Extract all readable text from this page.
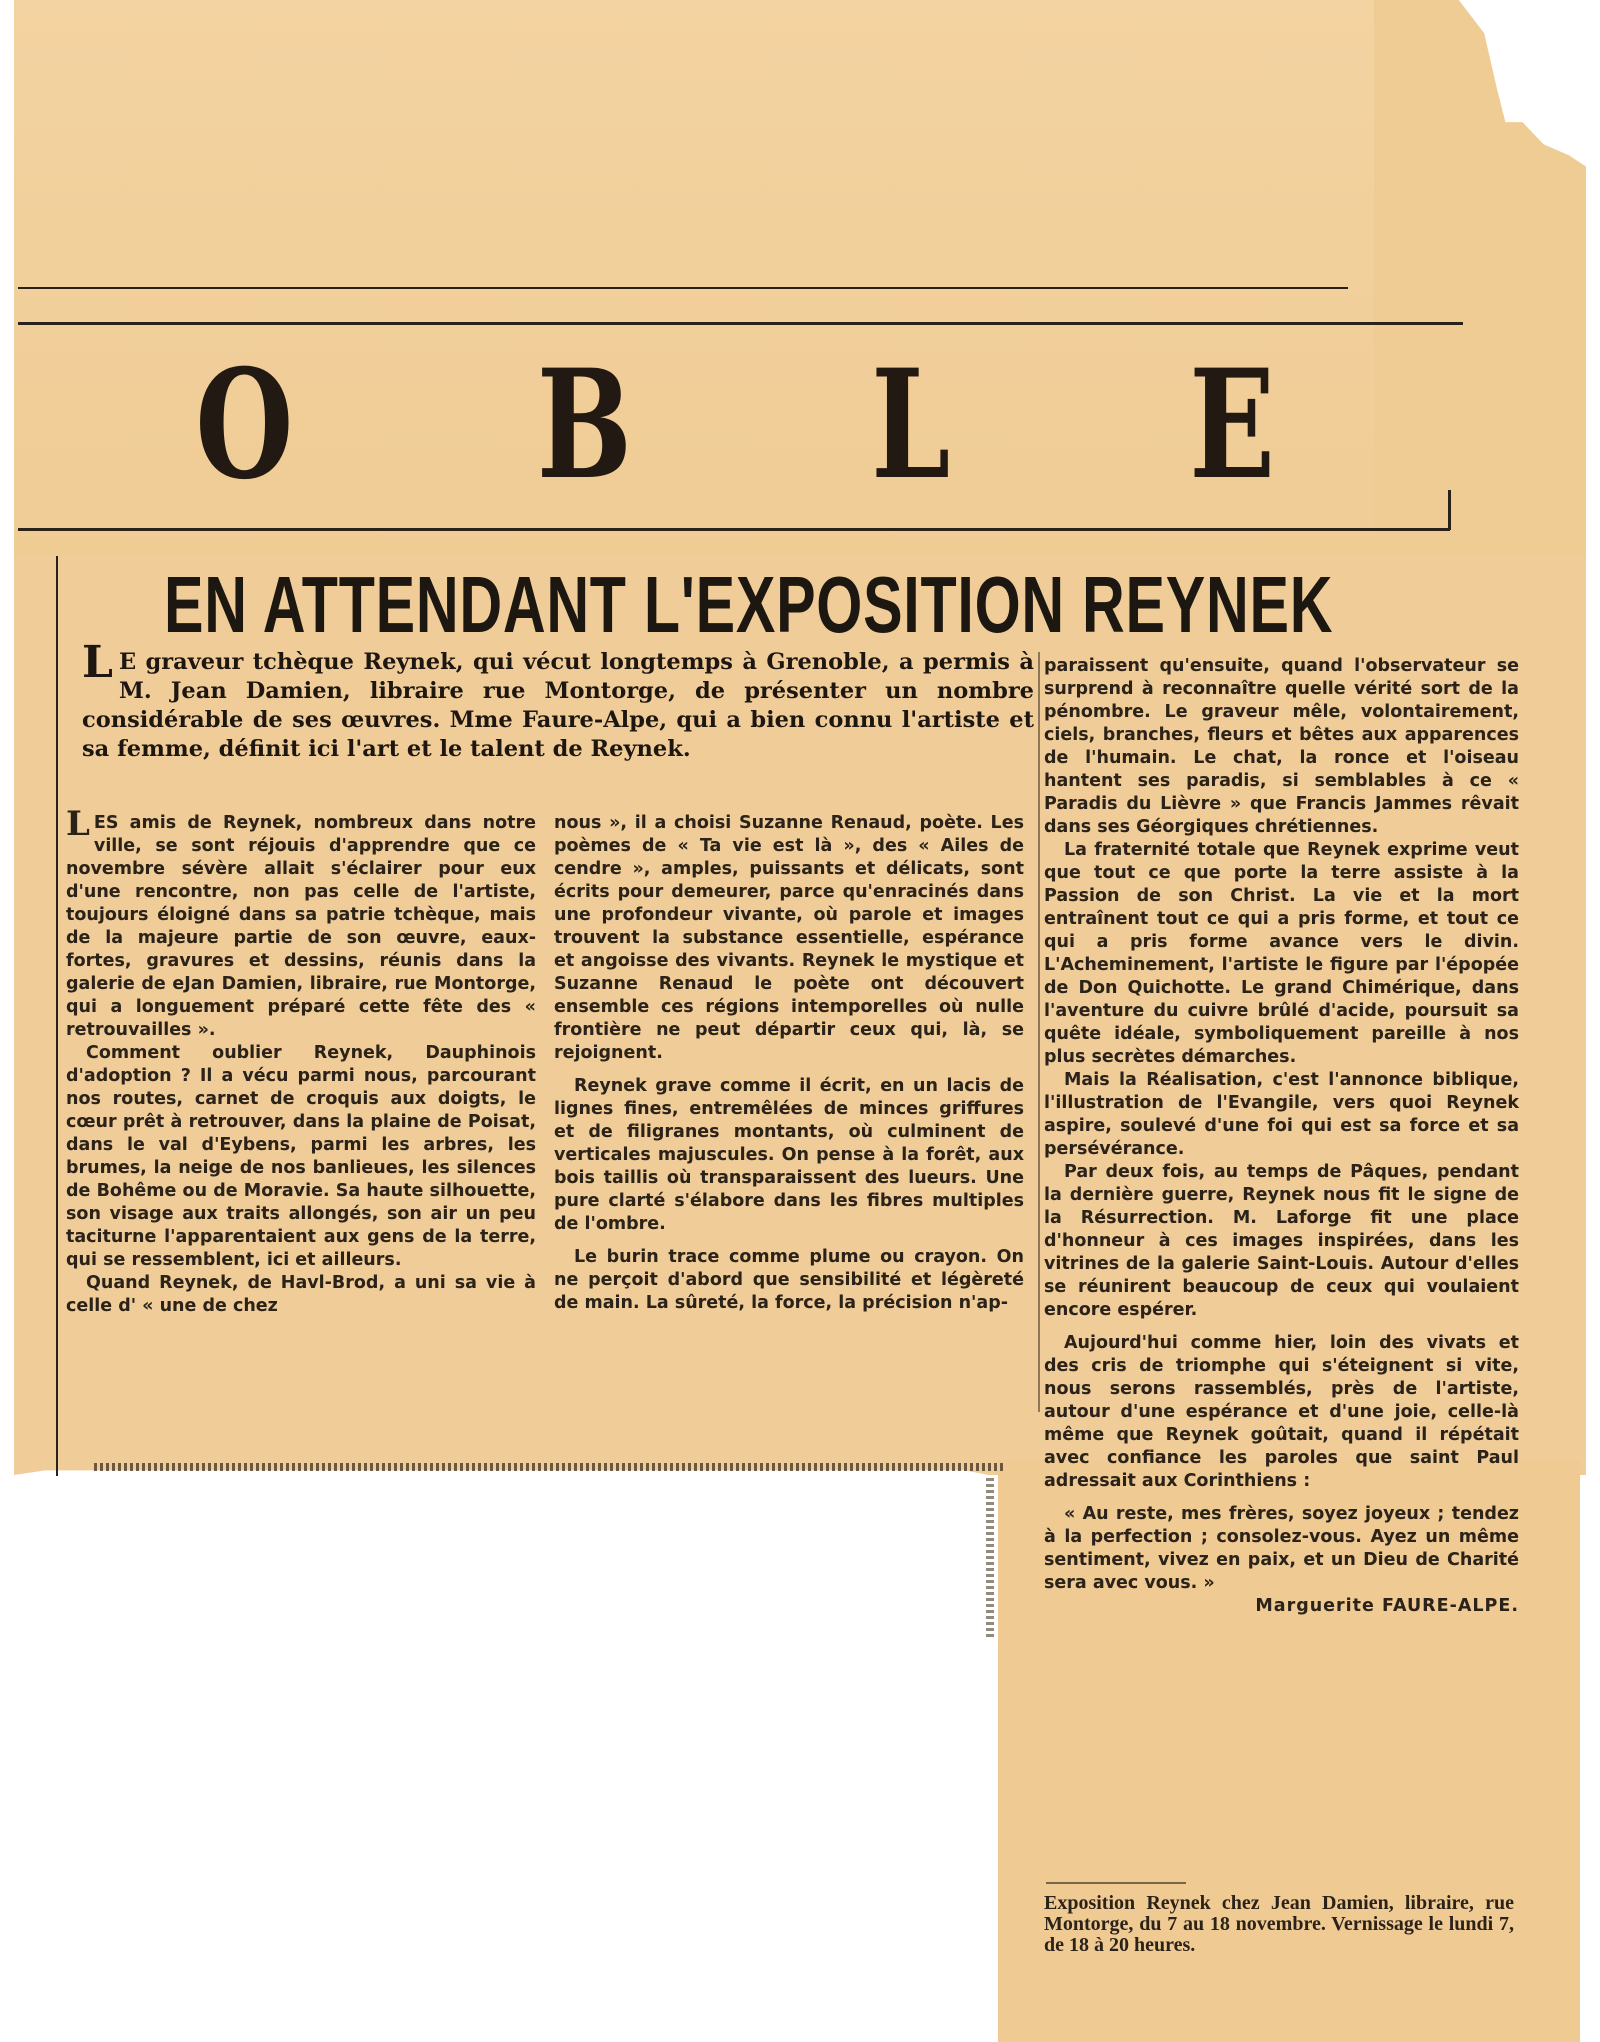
O B L E
EN ATTENDANT L'EXPOSITION REYNEK
L E graveur tchèque Reynek, qui vécut longtemps à Grenoble, a permis à M. Jean Damien, libraire rue Montorge, de présenter un nombre considérable de ses œuvres. Mme Faure-Alpe, qui a bien connu l'artiste et sa femme, définit ici l'art et le talent de Reynek.

LES amis de Reynek, nombreux dans notre ville, se sont réjouis d'apprendre que ce novembre sévère allait s'éclairer pour eux d'une rencontre, non pas celle de l'artiste, toujours éloigné dans sa patrie tchèque, mais de la majeure partie de son œuvre, eaux-fortes, gravures et dessins, réunis dans la galerie de eJan Damien, libraire, rue Montorge, qui a longuement préparé cette fête des « retrouvailles ».

Comment oublier Reynek, Dauphinois d'adoption ? Il a vécu parmi nous, parcourant nos routes, carnet de croquis aux doigts, le cœur prêt à retrouver, dans la plaine de Poisat, dans le val d'Eybens, parmi les arbres, les brumes, la neige de nos banlieues, les silences de Bohême ou de Moravie. Sa haute silhouette, son visage aux traits allongés, son air un peu taciturne l'apparentaient aux gens de la terre, qui se ressemblent, ici et ailleurs.

Quand Reynek, de Havl-Brod, a uni sa vie à celle d' « une de chez

nous », il a choisi Suzanne Renaud, poète. Les poèmes de « Ta vie est là », des « Ailes de cendre », amples, puissants et délicats, sont écrits pour demeurer, parce qu'enracinés dans une profondeur vivante, où parole et images trouvent la substance essentielle, espérance et angoisse des vivants. Reynek le mystique et Suzanne Renaud le poète ont découvert ensemble ces régions intemporelles où nulle frontière ne peut départir ceux qui, là, se rejoignent.

Reynek grave comme il écrit, en un lacis de lignes fines, entremêlées de minces griffures et de filigranes montants, où culminent de verticales majuscules. On pense à la forêt, aux bois taillis où transparaissent des lueurs. Une pure clarté s'élabore dans les fibres multiples de l'ombre.

Le burin trace comme plume ou crayon. On ne perçoit d'abord que sensibilité et légèreté de main. La sûreté, la force, la précision n'ap-

paraissent qu'ensuite, quand l'observateur se surprend à reconnaître quelle vérité sort de la pénombre. Le graveur mêle, volontairement, ciels, branches, fleurs et bêtes aux apparences de l'humain. Le chat, la ronce et l'oiseau hantent ses paradis, si semblables à ce « Paradis du Lièvre » que Francis Jammes rêvait dans ses Géorgiques chrétiennes.

La fraternité totale que Reynek exprime veut que tout ce que porte la terre assiste à la Passion de son Christ. La vie et la mort entraînent tout ce qui a pris forme, et tout ce qui a pris forme avance vers le divin. L'Acheminement, l'artiste le figure par l'épopée de Don Quichotte. Le grand Chimérique, dans l'aventure du cuivre brûlé d'acide, poursuit sa quête idéale, symboliquement pareille à nos plus secrètes démarches.

Mais la Réalisation, c'est l'annonce biblique, l'illustration de l'Evangile, vers quoi Reynek aspire, soulevé d'une foi qui est sa force et sa persévérance.

Par deux fois, au temps de Pâques, pendant la dernière guerre, Reynek nous fit le signe de la Résurrection. M. Laforge fit une place d'honneur à ces images inspirées, dans les vitrines de la galerie Saint-Louis. Autour d'elles se réunirent beaucoup de ceux qui voulaient encore espérer.

Aujourd'hui comme hier, loin des vivats et des cris de triomphe qui s'éteignent si vite, nous serons rassemblés, près de l'artiste, autour d'une espérance et d'une joie, celle-là même que Reynek goûtait, quand il répétait avec confiance les paroles que saint Paul adressait aux Corinthiens :

« Au reste, mes frères, soyez joyeux ; tendez à la perfection ; consolez-vous. Ayez un même sentiment, vivez en paix, et un Dieu de Charité sera avec vous. »

Marguerite FAURE-ALPE.

Exposition Reynek chez Jean Damien, libraire, rue Montorge, du 7 au 18 novembre. Vernissage le lundi 7, de 18 à 20 heures.
